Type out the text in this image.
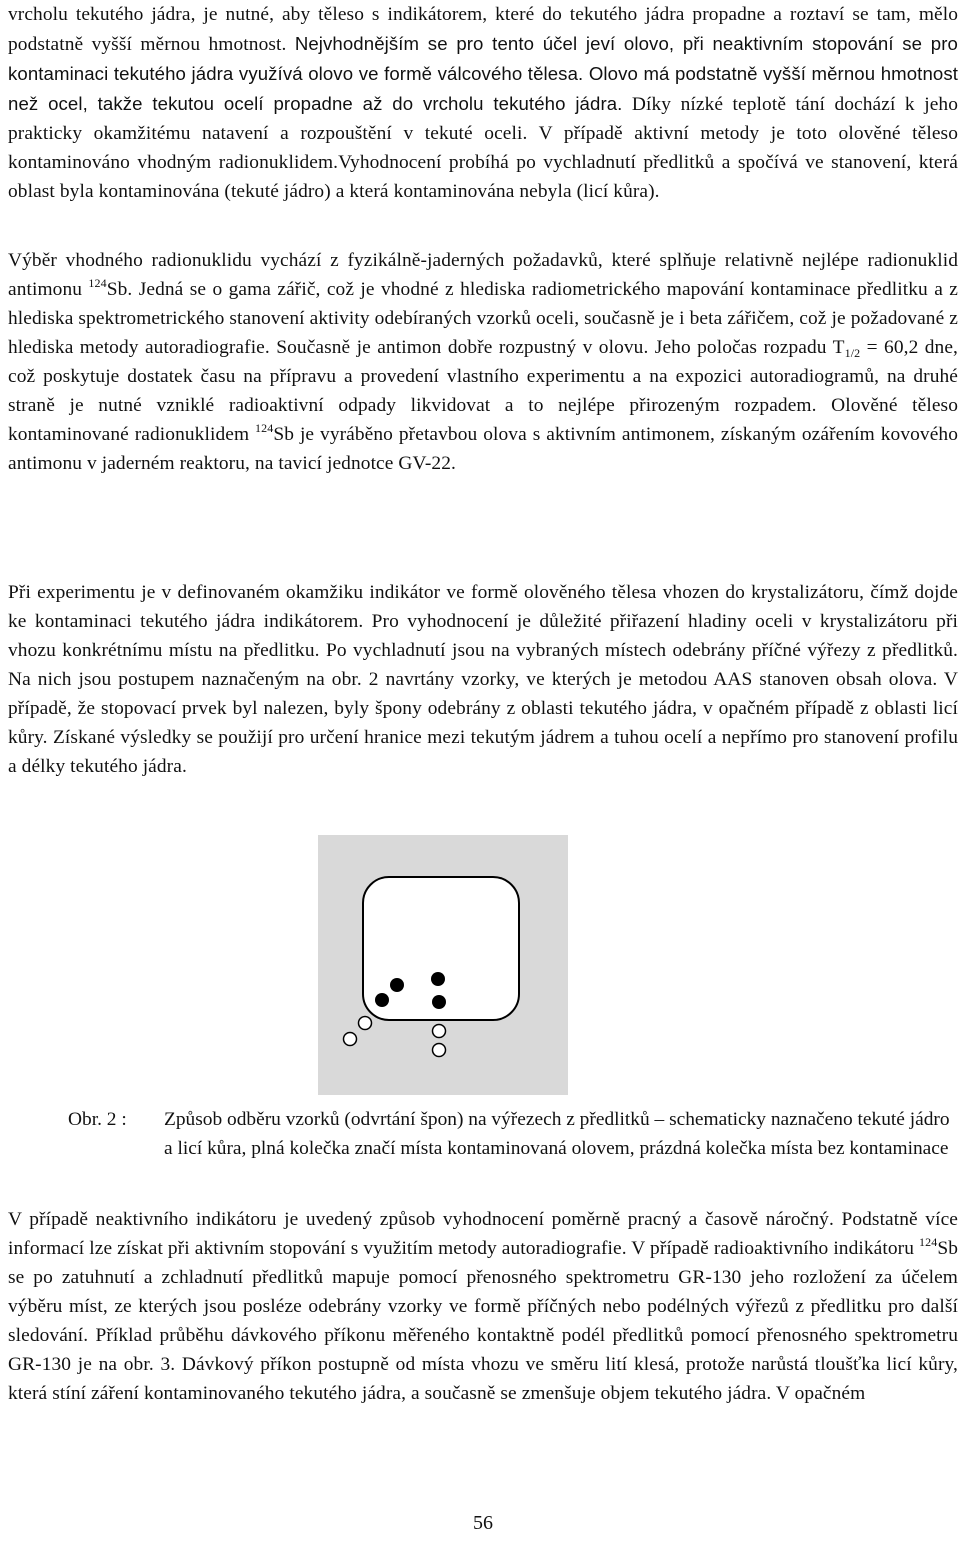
vrcholu tekutého jádra, je nutné, aby těleso s indikátorem, které do tekutého jádra propadne a roztaví se tam, mělo podstatně vyšší měrnou hmotnost. Nejvhodnějším se pro tento účel jeví olovo, při neaktivním stopování se pro kontaminaci tekutého jádra využívá olovo ve formě válcového tělesa. Olovo má podstatně vyšší měrnou hmotnost než ocel, takže tekutou ocelí propadne až do vrcholu tekutého jádra. Díky nízké teplotě tání dochází k jeho prakticky okamžitému natavení a rozpouštění v tekuté oceli. V případě aktivní metody je toto olověné těleso kontaminováno vhodným radionuklidem.Vyhodnocení probíhá po vychladnutí předlitků a spočívá ve stanovení, která oblast byla kontaminována (tekuté jádro) a která kontaminována nebyla (licí kůra).

Výběr vhodného radionuklidu vychází z fyzikálně-jaderných požadavků, které splňuje relativně nejlépe radionuklid antimonu $^{124}$Sb. Jedná se o gama zářič, což je vhodné z hlediska radiometrického mapování kontaminace předlitku a z hlediska spektrometrického stanovení aktivity odebíraných vzorků oceli, současně je i beta zářičem, což je požadované z hlediska metody autoradiografie. Současně je antimon dobře rozpustný v olovu. Jeho poločas rozpadu $T_{1/2} = 60,2$ dne, což poskytuje dostatek času na přípravu a provedení vlastního experimentu a na expozici autoradiogramů, na druhé straně je nutné vzniklé radioaktivní odpady likvidovat a to nejlépe přirozeným rozpadem. Olověné těleso kontaminované radionuklidem $^{124}$Sb je vyráběno přetavbou olova s aktivním antimonem, získaným ozářením kovového antimonu v jaderném reaktoru, na tavicí jednotce GV-22.

Při experimentu je v definovaném okamžiku indikátor ve formě olověného tělesa vhozen do krystalizátoru, čímž dojde ke kontaminaci tekutého jádra indikátorem. Pro vyhodnocení je důležité přiřazení hladiny oceli v krystalizátoru při vhozu konkrétnímu místu na předlitku. Po vychladnutí jsou na vybraných místech odebrány příčné výřezy z předlitků. Na nich jsou postupem naznačeným na obr. 2 navrtány vzorky, ve kterých je metodou AAS stanoven obsah olova. V případě, že stopovací prvek byl nalezen, byly špony odebrány z oblasti tekutého jádra, v opačném případě z oblasti licí kůry. Získané výsledky se použijí pro určení hranice mezi tekutým jádrem a tuhou ocelí a nepřímo pro stanovení profilu a délky tekutého jádra.

Obr. 2 : Způsob odběru vzorků (odvrtání špon) na výřezech z předlitků – schematicky naznačeno tekuté jádro a licí kůra, plná kolečka značí místa kontaminovaná olovem, prázdná kolečka místa bez kontaminace

V případě neaktivního indikátoru je uvedený způsob vyhodnocení poměrně pracný a časově náročný. Podstatně více informací lze získat při aktivním stopování s využitím metody autoradiografie. V případě radioaktivního indikátoru $^{124}$Sb se po zatuhnutí a zchladnutí předlitků mapuje pomocí přenosného spektrometru GR-130 jeho rozložení za účelem výběru míst, ze kterých jsou posléze odebrány vzorky ve formě příčných nebo podélných výřezů z předlitku pro další sledování. Příklad průběhu dávkového příkonu měřeného kontaktně podél předlitků pomocí přenosného spektrometru GR-130 je na obr. 3. Dávkový příkon postupně od místa vhozu ve směru lití klesá, protože narůstá tloušťka licí kůry, která stíní záření kontaminovaného tekutého jádra, a současně se zmenšuje objem tekutého jádra. V opačném

56
